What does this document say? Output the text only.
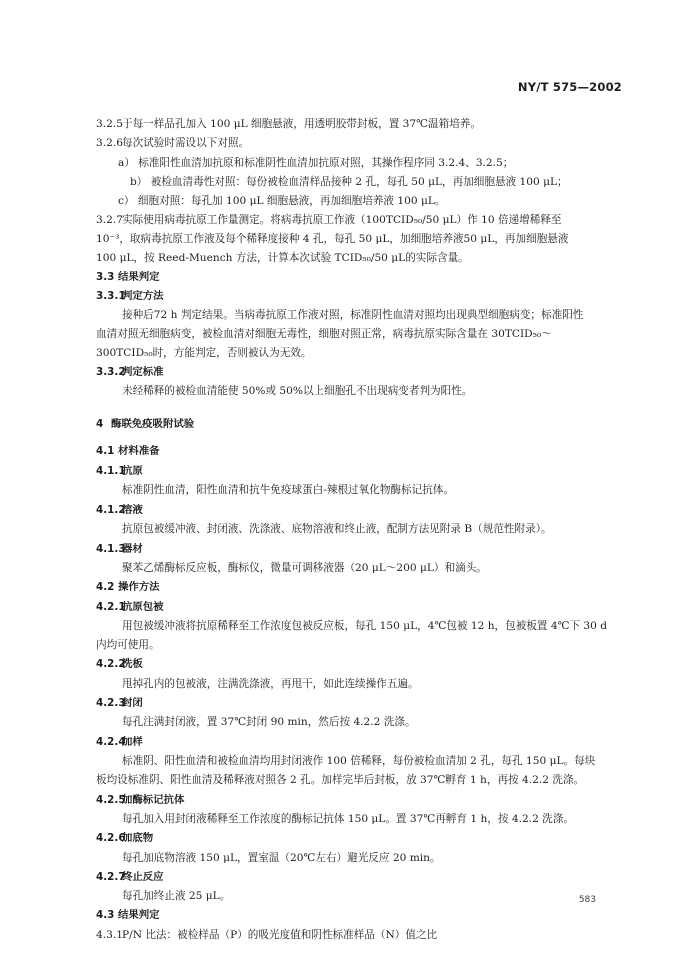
NY/T 575—2002

3.2.5 于每一样品孔加入 100 μL 细胞悬液，用透明胶带封板，置 37℃温箱培养。

3.2.6 每次试验时需设以下对照。

a） 标准阳性血清加抗原和标准阴性血清加抗原对照，其操作程序同 3.2.4、3.2.5；

b） 被检血清毒性对照：每份被检血清样品接种 2 孔，每孔 50 μL，再加细胞悬液 100 μL；

c） 细胞对照：每孔加 100 μL 细胞悬液，再加细胞培养液 100 μL。

3.2.7 实际使用病毒抗原工作量测定。将病毒抗原工作液（100TCID₅₀/50 μL）作 10 倍递增稀释至

10⁻³，取病毒抗原工作液及每个稀释度接种 4 孔，每孔 50 μL，加细胞培养液50 μL，再加细胞悬液

100 μL，按 Reed-Muench 方法，计算本次试验 TCID₅₀/50 μL的实际含量。

3.3 结果判定

3.3.1
判定方法

接种后72 h 判定结果。当病毒抗原工作液对照，标准阴性血清对照均出现典型细胞病变；标准阳性

血清对照无细胞病变，被检血清对细胞无毒性，细胞对照正常，病毒抗原实际含量在 30TCID₅₀～

300TCID₅₀时，方能判定，否则被认为无效。

3.3.2
判定标准

未经稀释的被检血清能使 50%或 50%以上细胞孔不出现病变者判为阳性。

4 酶联免疫吸附试验

4.1 材料准备

4.1.1
抗原

标准阴性血清，阳性血清和抗牛免疫球蛋白-辣根过氧化物酶标记抗体。

4.1.2
溶液

抗原包被缓冲液、封闭液、洗涤液、底物溶液和终止液，配制方法见附录 B（规范性附录）。

4.1.3
器材

聚苯乙烯酶标反应板，酶标仪，微量可调移液器（20 μL～200 μL）和滴头。

4.2 操作方法

4.2.1
抗原包被

用包被缓冲液将抗原稀释至工作浓度包被反应板，每孔 150 μL，4℃包被 12 h，包被板置 4℃下 30 d

内均可使用。

4.2.2
洗板

甩掉孔内的包被液，注满洗涤液，再甩干，如此连续操作五遍。

4.2.3
封闭

每孔注满封闭液，置 37℃封闭 90 min，然后按 4.2.2 洗涤。

4.2.4
加样

标准阴、阳性血清和被检血清均用封闭液作 100 倍稀释，每份被检血清加 2 孔，每孔 150 μL。每块

板均设标准阴、阳性血清及稀释液对照各 2 孔。加样完毕后封板，放 37℃孵育 1 h，再按 4.2.2 洗涤。

4.2.5
加酶标记抗体

每孔加入用封闭液稀释至工作浓度的酶标记抗体 150 μL。置 37℃再孵育 1 h，按 4.2.2 洗涤。

4.2.6
加底物

每孔加底物溶液 150 μL，置室温（20℃左右）避光反应 20 min。

4.2.7
终止反应

每孔加终止液 25 μL。

4.3 结果判定

4.3.1 P/N 比法：被检样品（P）的吸光度值和阴性标准样品（N）值之比

583
